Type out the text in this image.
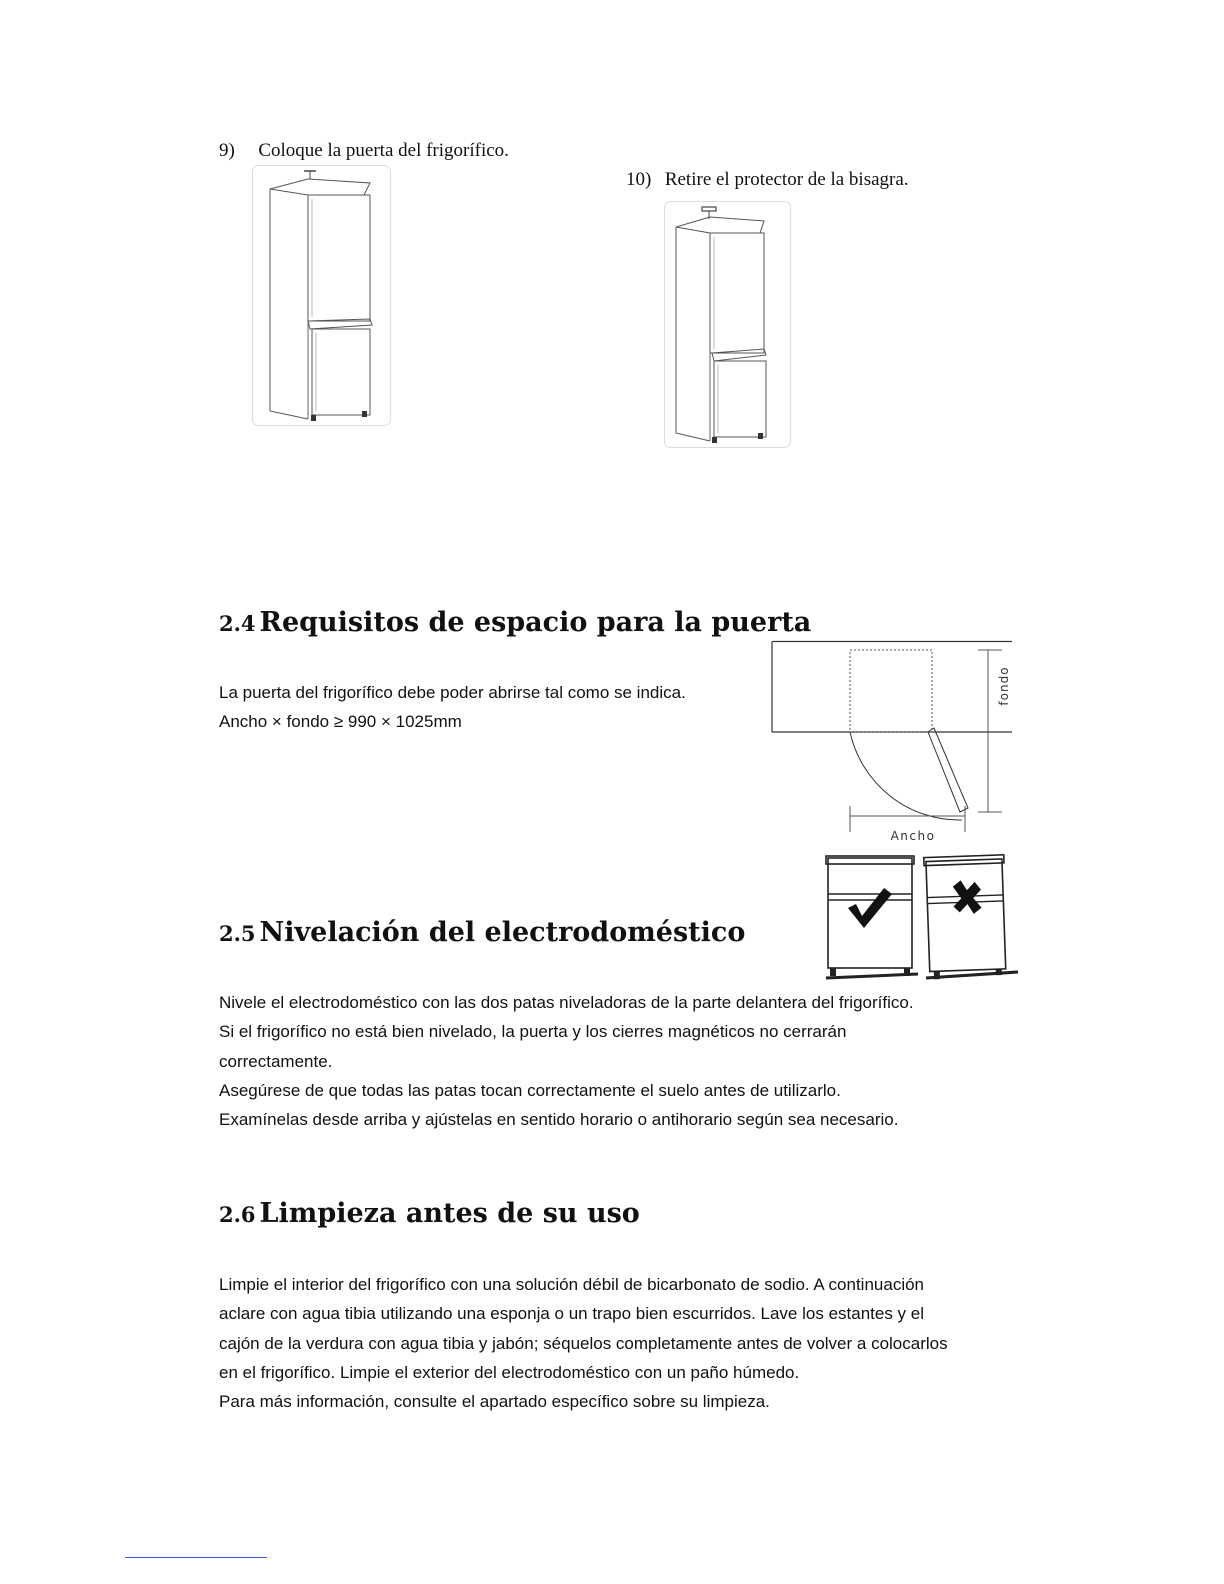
9) Coloque la puerta del frigorífico.
10) Retire el protector de la bisagra.
2.4 Requisitos de espacio para la puerta

La puerta del frigorífico debe poder abrirse tal como se indica.

Ancho × fondo ≥ 990 × 1025mm

fondo
Ancho
2.5 Nivelación del electrodoméstico

Nivele el electrodoméstico con las dos patas niveladoras de la parte delantera del frigorífico.

Si el frigorífico no está bien nivelado, la puerta y los cierres magnéticos no cerrarán

correctamente.

Asegúrese de que todas las patas tocan correctamente el suelo antes de utilizarlo.

Examínelas desde arriba y ajústelas en sentido horario o antihorario según sea necesario.

2.6 Limpieza antes de su uso

Limpie el interior del frigorífico con una solución débil de bicarbonato de sodio. A continuación

aclare con agua tibia utilizando una esponja o un trapo bien escurridos. Lave los estantes y el

cajón de la verdura con agua tibia y jabón; séquelos completamente antes de volver a colocarlos

en el frigorífico. Limpie el exterior del electrodoméstico con un paño húmedo.

Para más información, consulte el apartado específico sobre su limpieza.
